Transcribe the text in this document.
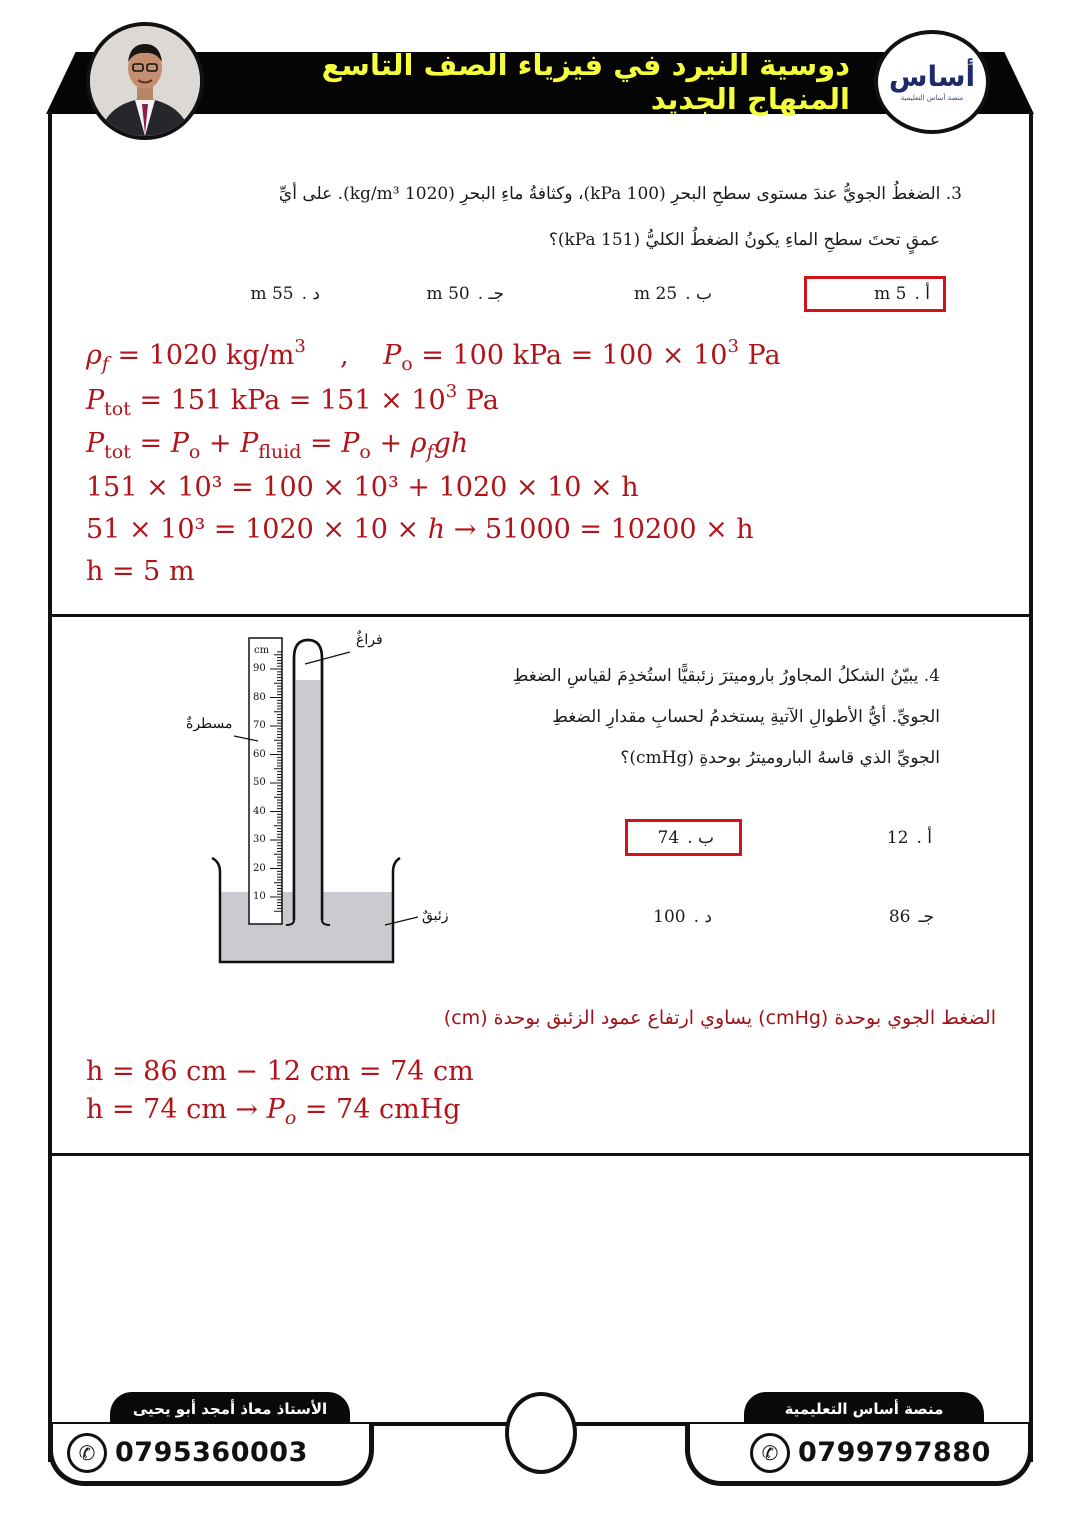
دوسية النيرد في فيزياء الصف التاسع المنهاج الجديد
أساس
منصة أساس التعليمية
3. الضغطُ الجويُّ عندَ مستوى سطحِ البحرِ (100 kPa)، وكثافةُ ماءِ البحرِ (1020 kg/m³). على أيِّ
عمقٍ تحتَ سطحِ الماءِ يكونُ الضغطُ الكليُّ (151 kPa)؟
أ .5 m
ب .25 m
جـ .50 m
د .55 m
$\rho_f = 1020$ $kg/m^3$    ,    $P_o = 100$ kPa = $100 \times 10^3$ Pa
$P_{tot} = 151$ kPa = $151 \times 10^3$ Pa
$P_{tot} = P_o + P_{fluid} = P_o + \rho_fgh$
151 × 10³ = 100 × 10³ + 1020 × 10 × h
51 × 10³ = 1020 × 10 × h → 51000 = 10200 × h
h = 5 m
cm
90
80
70
60
50
40
30
20
10
فراغٌ
مسطرةٌ
زئبقٌ
4. يبيّنُ الشكلُ المجاورُ باروميترَ زئبقيًّا استُخدِمَ لقياسِ الضغطِ
الجويِّ. أيُّ الأطوالِ الآتيةِ يستخدمُ لحسابِ مقدارِ الضغطِ
الجويِّ الذي قاسهُ الباروميترُ بوحدةِ (cmHg)؟
أ .12
ب .74
جـ86
د .100
الضغط الجوي بوحدة (cmHg) يساوي ارتفاع عمود الزئبق بوحدة (cm)
h = 86 cm − 12 cm = 74 cm
h = 74 cm → $P_o = 74$ cmHg
الأستاذ معاذ أمجد أبو يحيى
✆ 0795360003
منصة أساس التعليمية
✆ 0799797880
